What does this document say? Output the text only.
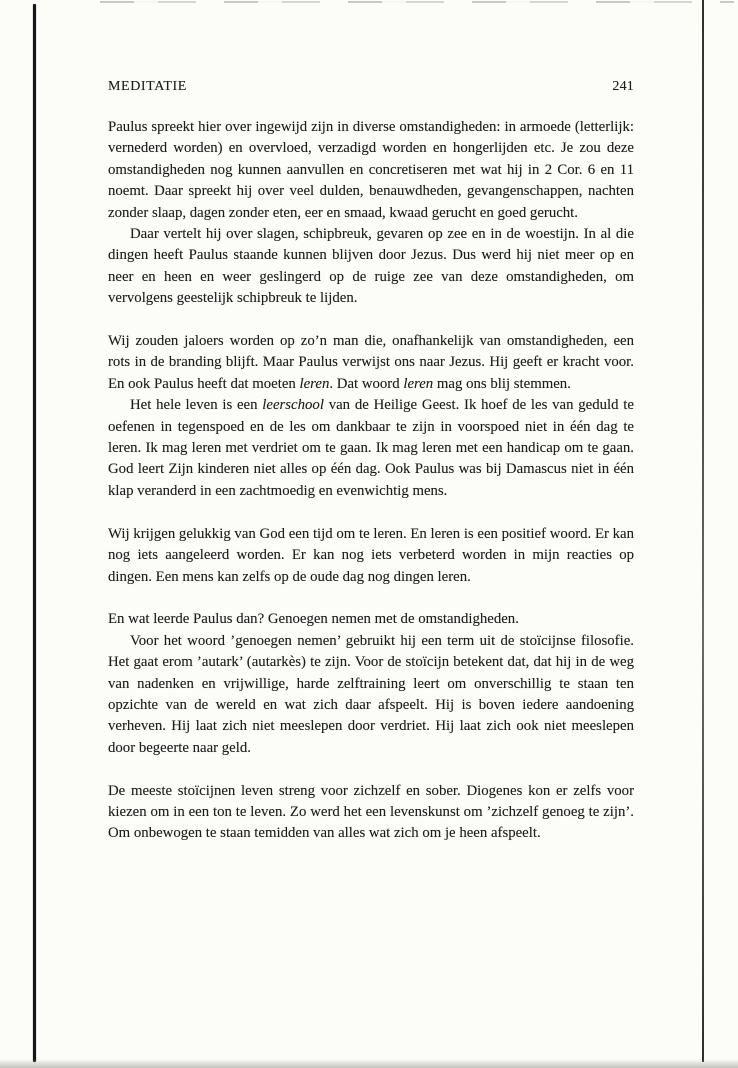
MEDITATIE	241

Paulus spreekt hier over ingewijd zijn in diverse omstandigheden: in armoede (letterlijk: vernederd worden) en overvloed, verzadigd worden en hongerlijden etc. Je zou deze omstandigheden nog kunnen aanvullen en concretiseren met wat hij in 2 Cor. 6 en 11 noemt. Daar spreekt hij over veel dulden, benauwdheden, gevangenschappen, nachten zonder slaap, dagen zonder eten, eer en smaad, kwaad gerucht en goed gerucht.

Daar vertelt hij over slagen, schipbreuk, gevaren op zee en in de woestijn. In al die dingen heeft Paulus staande kunnen blijven door Jezus. Dus werd hij niet meer op en neer en heen en weer geslingerd op de ruige zee van deze omstandigheden, om vervolgens geestelijk schipbreuk te lijden.

Wij zouden jaloers worden op zo’n man die, onafhankelijk van omstandigheden, een rots in de branding blijft. Maar Paulus verwijst ons naar Jezus. Hij geeft er kracht voor. En ook Paulus heeft dat moeten leren. Dat woord leren mag ons blij stemmen.

Het hele leven is een leerschool van de Heilige Geest. Ik hoef de les van geduld te oefenen in tegenspoed en de les om dankbaar te zijn in voorspoed niet in één dag te leren. Ik mag leren met verdriet om te gaan. Ik mag leren met een handicap om te gaan. God leert Zijn kinderen niet alles op één dag. Ook Paulus was bij Damascus niet in één klap veranderd in een zachtmoedig en evenwichtig mens.

Wij krijgen gelukkig van God een tijd om te leren. En leren is een positief woord. Er kan nog iets aangeleerd worden. Er kan nog iets verbeterd worden in mijn reacties op dingen. Een mens kan zelfs op de oude dag nog dingen leren.

En wat leerde Paulus dan? Genoegen nemen met de omstandigheden.

Voor het woord ’genoegen nemen’ gebruikt hij een term uit de stoïcijnse filosofie. Het gaat erom ’autark’ (autarkès) te zijn. Voor de stoïcijn betekent dat, dat hij in de weg van nadenken en vrijwillige, harde zelftraining leert om onverschillig te staan ten opzichte van de wereld en wat zich daar afspeelt. Hij is boven iedere aandoening verheven. Hij laat zich niet meeslepen door verdriet. Hij laat zich ook niet meeslepen door begeerte naar geld.

De meeste stoïcijnen leven streng voor zichzelf en sober. Diogenes kon er zelfs voor kiezen om in een ton te leven. Zo werd het een levenskunst om ’zichzelf genoeg te zijn’. Om onbewogen te staan temidden van alles wat zich om je heen afspeelt.
